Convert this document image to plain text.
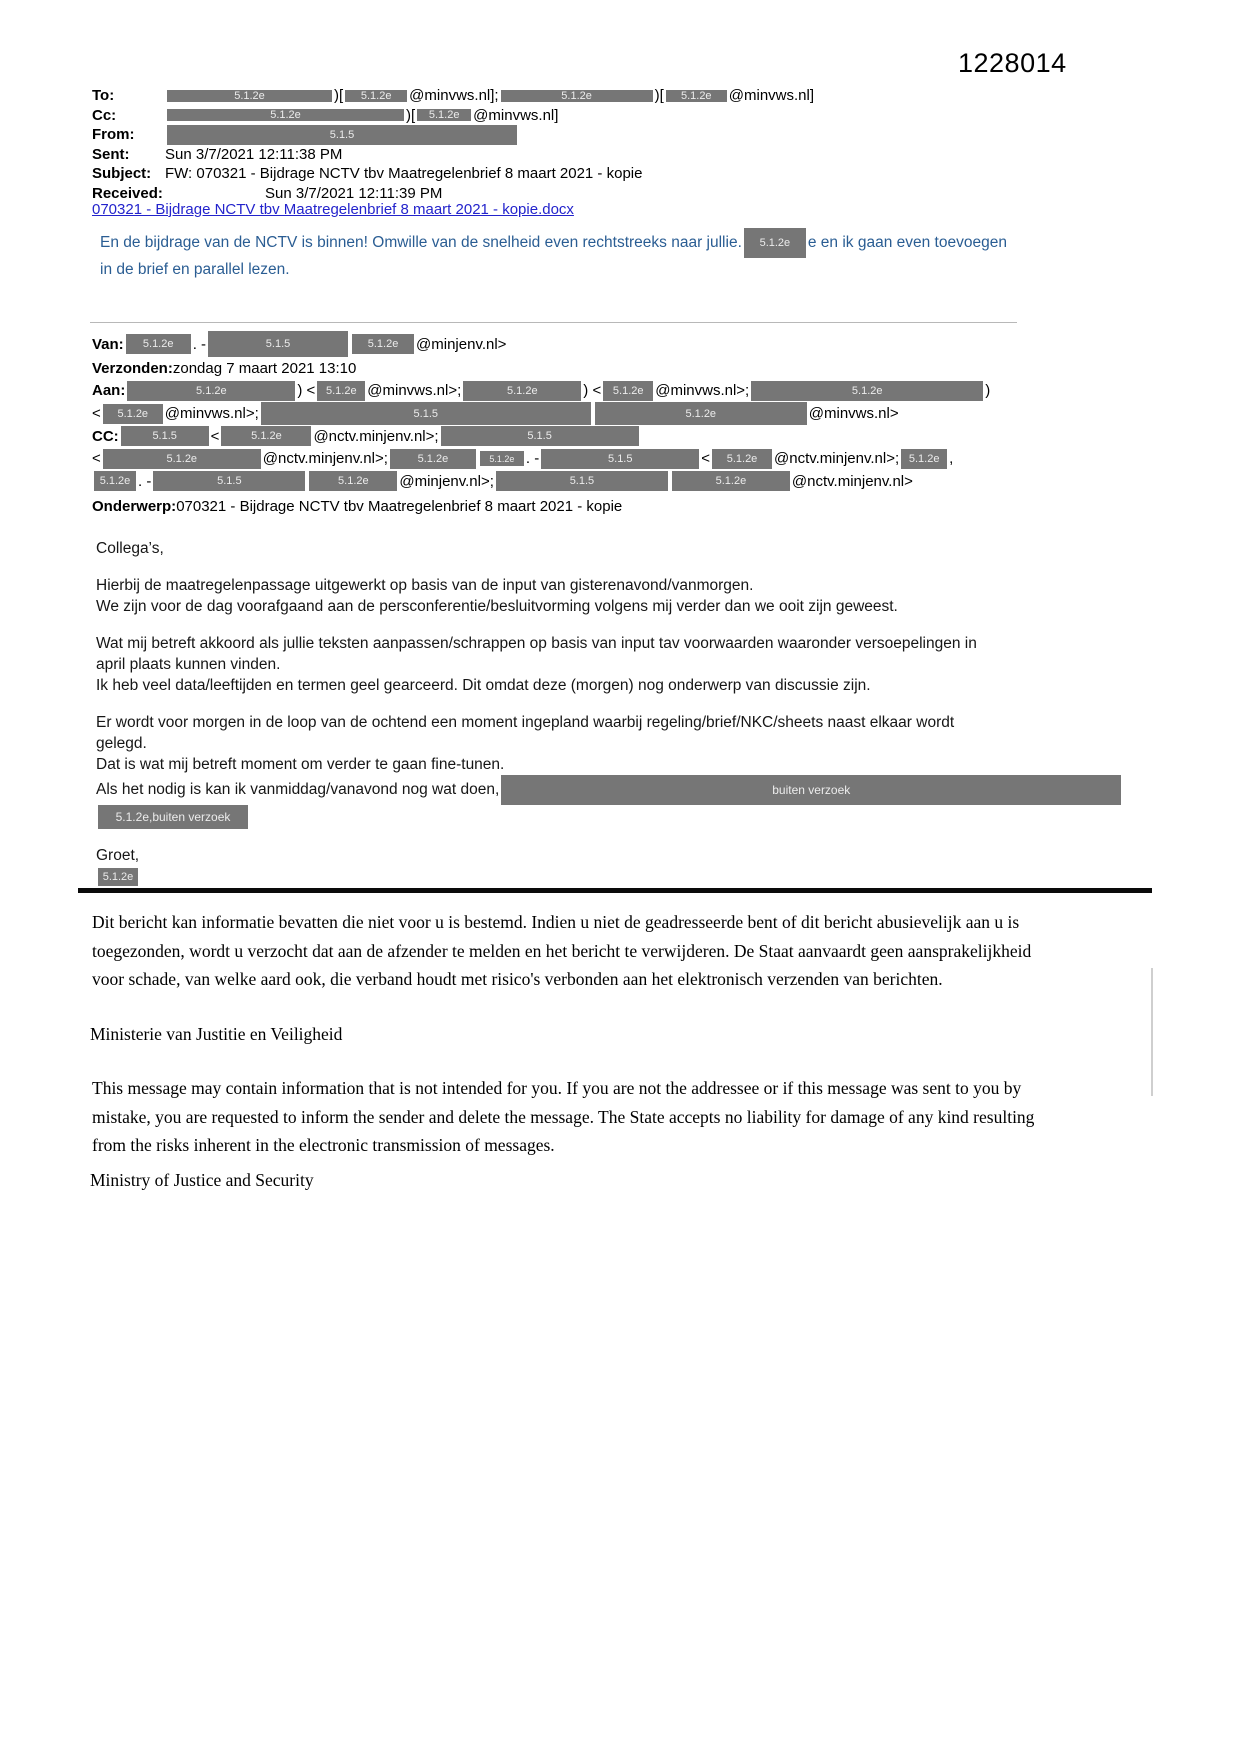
1228014
To:	5.1.2e	)[	5.1.2e	@minvws.nl];	5.1.2e	)[	5.1.2e	@minvws.nl]
Cc:	5.1.2e	)[	5.1.2e @minvws.nl]
From:	5.1.5
Sent:	Sun 3/7/2021 12:11:38 PM
Subject: FW: 070321 - Bijdrage NCTV tbv Maatregelenbrief 8 maart 2021 - kopie
Received:	Sun 3/7/2021 12:11:39 PM
070321 - Bijdrage NCTV tbv Maatregelenbrief 8 maart 2021 - kopie.docx
En de bijdrage van de NCTV is binnen! Omwille van de snelheid even rechtstreeks naar jullie.	5.1.2e	e en ik gaan even toevoegen
in de brief en parallel lezen.
Van:	5.1.2e	. -	5.1.5	5.1.2e	@minjenv.nl>
Verzonden: zondag 7 maart 2021 13:10
Aan:	5.1.2e	) < 5.1.2e @minvws.nl>;	5.1.2e	) <	5.1.2e @minvws.nl>;	5.1.2e	)
<	5.1.2e	@minvws.nl>;	5.1.5	5.1.2e	@minvws.nl>
CC:	5.1.5	<	5.1.2e	@nctv.minjenv.nl>;	5.1.5
<	5.1.2e	@nctv.minjenv.nl>;	5.1.2e	5.1.2e . -	5.1.5	<	5.1.2e	@nctv.minjenv.nl>; 5.1.2e ,
5.1.2e . -	5.1.5	5.1.2e	@minjenv.nl>;	5.1.5	5.1.2e	@nctv.minjenv.nl>
Onderwerp: 070321 - Bijdrage NCTV tbv Maatregelenbrief 8 maart 2021 - kopie
Collega’s,
Hierbij de maatregelenpassage uitgewerkt op basis van de input van gisterenavond/vanmorgen.
We zijn voor de dag voorafgaand aan de persconferentie/besluitvorming volgens mij verder dan we ooit zijn geweest.
Wat mij betreft akkoord als jullie teksten aanpassen/schrappen op basis van input tav voorwaarden waaronder versoepelingen in
april plaats kunnen vinden.
Ik heb veel data/leeftijden en termen geel gearceerd. Dit omdat deze (morgen) nog onderwerp van discussie zijn.
Er wordt voor morgen in de loop van de ochtend een moment ingepland waarbij regeling/brief/NKC/sheets naast elkaar wordt
gelegd.
Dat is wat mij betreft moment om verder te gaan fine-tunen.
Als het nodig is kan ik vanmiddag/vanavond nog wat doen,	buiten verzoek
5.1.2e,buiten verzoek
Groet,
5.1.2e
Dit bericht kan informatie bevatten die niet voor u is bestemd. Indien u niet de geadresseerde bent of dit bericht abusievelijk aan u is toegezonden, wordt u verzocht dat aan de afzender te melden en het bericht te verwijderen. De Staat aanvaardt geen aansprakelijkheid voor schade, van welke aard ook, die verband houdt met risico's verbonden aan het elektronisch verzenden van berichten.
Ministerie van Justitie en Veiligheid
This message may contain information that is not intended for you. If you are not the addressee or if this message was sent to you by mistake, you are requested to inform the sender and delete the message. The State accepts no liability for damage of any kind resulting from the risks inherent in the electronic transmission of messages.
Ministry of Justice and Security
